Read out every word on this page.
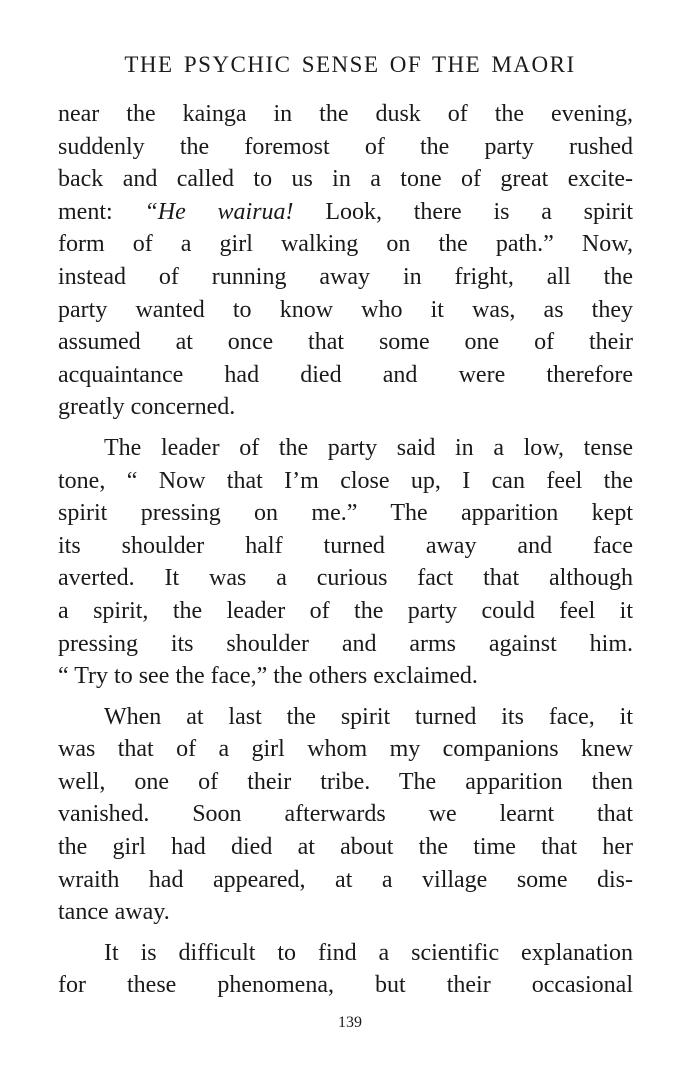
THE PSYCHIC SENSE OF THE MAORI
near the kainga in the dusk of the evening,
suddenly the foremost of the party rushed
back and called to us in a tone of great excite-
ment: “He wairua! Look, there is a spirit
form of a girl walking on the path.” Now,
instead of running away in fright, all the
party wanted to know who it was, as they
assumed at once that some one of their
acquaintance had died and were therefore
greatly concerned.
The leader of the party said in a low, tense
tone, “ Now that I’m close up, I can feel the
spirit pressing on me.” The apparition kept
its shoulder half turned away and face
averted. It was a curious fact that although
a spirit, the leader of the party could feel it
pressing its shoulder and arms against him.
“ Try to see the face,” the others exclaimed.
When at last the spirit turned its face, it
was that of a girl whom my companions knew
well, one of their tribe. The apparition then
vanished. Soon afterwards we learnt that
the girl had died at about the time that her
wraith had appeared, at a village some dis-
tance away.
It is difficult to find a scientific explanation
for these phenomena, but their occasional
139
